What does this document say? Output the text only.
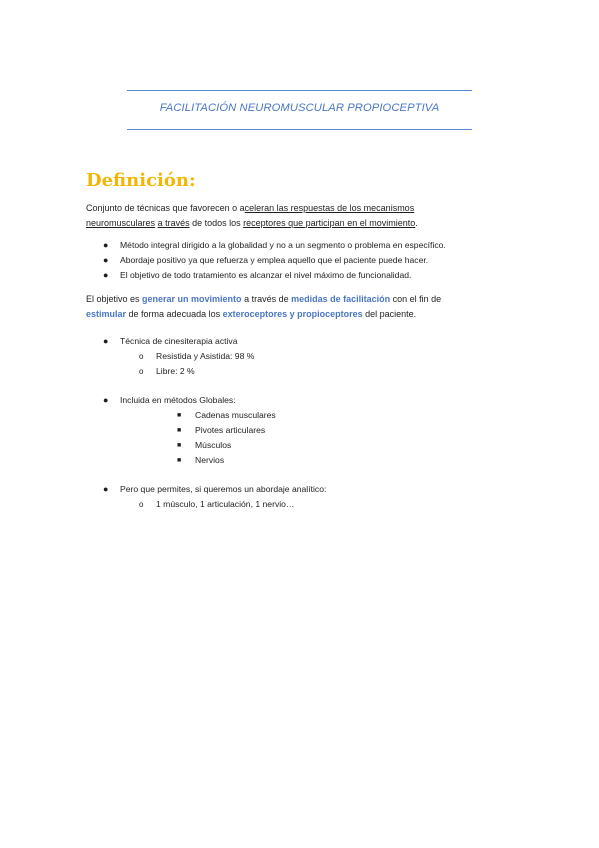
FACILITACIÓN NEUROMUSCULAR PROPIOCEPTIVA
Definición:

Conjunto de técnicas que favorecen o aceleran las respuestas de los mecanismos
neuromusculares a través de todos los receptores que participan en el movimiento.

● Método integral dirigido a la globalidad y no a un segmento o problema en específico.
● Abordaje positivo ya que refuerza y emplea aquello que el paciente puede hacer.
● El objetivo de todo tratamiento es alcanzar el nivel máximo de funcionalidad.

El objetivo es generar un movimiento a través de medidas de facilitación con el fin de
estimular de forma adecuada los exteroceptores y propioceptores del paciente.

● Técnica de cinesiterapia activa
o Resistida y Asistida: 98 %
o Libre: 2 %
● Incluida en métodos Globales:
■ Cadenas musculares
■ Pivotes articulares
■ Músculos
■ Nervios
● Pero que permites, si queremos un abordaje analítico:
o 1 músculo, 1 articulación, 1 nervio…
